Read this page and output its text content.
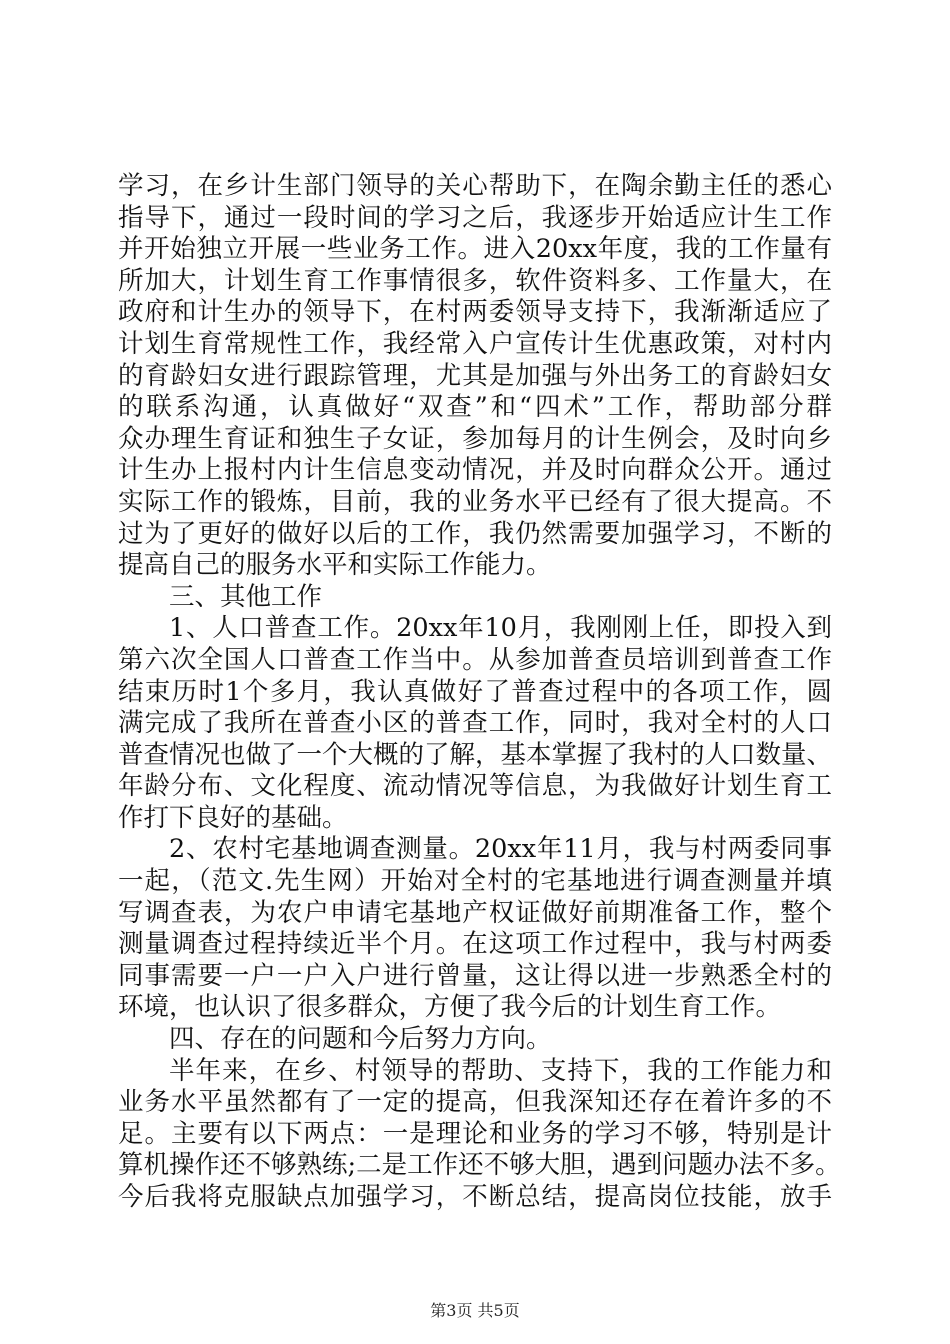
学习，在乡计生部门领导的关心帮助下，在陶余勤主任的悉心
指导下，通过一段时间的学习之后，我逐步开始适应计生工作
并开始独立开展一些业务工作。进入20xx年度，我的工作量有
所加大，计划生育工作事情很多，软件资料多、工作量大，在
政府和计生办的领导下，在村两委领导支持下，我渐渐适应了
计划生育常规性工作，我经常入户宣传计生优惠政策，对村内
的育龄妇女进行跟踪管理，尤其是加强与外出务工的育龄妇女
的联系沟通，认真做好“双查”和“四术”工作，帮助部分群
众办理生育证和独生子女证，参加每月的计生例会，及时向乡
计生办上报村内计生信息变动情况，并及时向群众公开。通过
实际工作的锻炼，目前，我的业务水平已经有了很大提高。不
过为了更好的做好以后的工作，我仍然需要加强学习，不断的
提高自己的服务水平和实际工作能力。
三、其他工作
1、人口普查工作。20xx年10月，我刚刚上任，即投入到
第六次全国人口普查工作当中。从参加普查员培训到普查工作
结束历时1个多月，我认真做好了普查过程中的各项工作，圆
满完成了我所在普查小区的普查工作，同时，我对全村的人口
普查情况也做了一个大概的了解，基本掌握了我村的人口数量、
年龄分布、文化程度、流动情况等信息，为我做好计划生育工
作打下良好的基础。
2、农村宅基地调查测量。20xx年11月，我与村两委同事
一起，（范文.先生网）开始对全村的宅基地进行调查测量并填
写调查表，为农户申请宅基地产权证做好前期准备工作，整个
测量调查过程持续近半个月。在这项工作过程中，我与村两委
同事需要一户一户入户进行曾量，这让得以进一步熟悉全村的
环境，也认识了很多群众，方便了我今后的计划生育工作。
四、存在的问题和今后努力方向。
半年来，在乡、村领导的帮助、支持下，我的工作能力和
业务水平虽然都有了一定的提高，但我深知还存在着许多的不
足。主要有以下两点：一是理论和业务的学习不够，特别是计
算机操作还不够熟练;二是工作还不够大胆，遇到问题办法不多。
今后我将克服缺点加强学习，不断总结，提高岗位技能，放手
第3页 共5页
